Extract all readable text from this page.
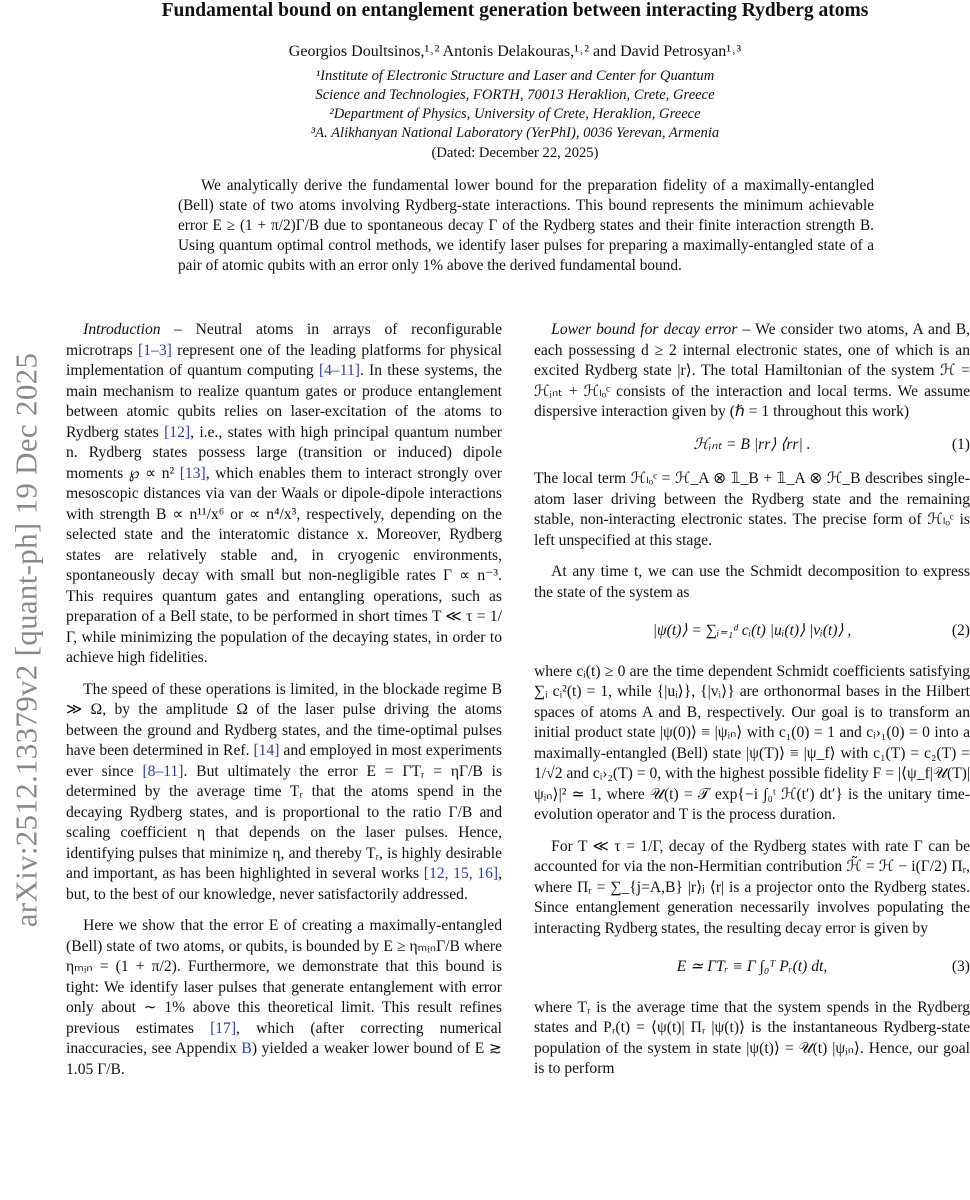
arXiv:2512.13379v2 [quant-ph] 19 Dec 2025
Fundamental bound on entanglement generation between interacting Rydberg atoms
Georgios Doultsinos,¹˒² Antonis Delakouras,¹˒² and David Petrosyan¹˒³
¹Institute of Electronic Structure and Laser and Center for Quantum
Science and Technologies, FORTH, 70013 Heraklion, Crete, Greece
²Department of Physics, University of Crete, Heraklion, Greece
³A. Alikhanyan National Laboratory (YerPhI), 0036 Yerevan, Armenia
(Dated: December 22, 2025)
We analytically derive the fundamental lower bound for the preparation fidelity of a maximally-entangled (Bell) state of two atoms involving Rydberg-state interactions. This bound represents the minimum achievable error E ≥ (1 + π/2)Γ/B due to spontaneous decay Γ of the Rydberg states and their finite interaction strength B. Using quantum optimal control methods, we identify laser pulses for preparing a maximally-entangled state of a pair of atomic qubits with an error only 1% above the derived fundamental bound.

Introduction – Neutral atoms in arrays of reconfigurable microtraps [1–3] represent one of the leading platforms for physical implementation of quantum computing [4–11]. In these systems, the main mechanism to realize quantum gates or produce entanglement between atomic qubits relies on laser-excitation of the atoms to Rydberg states [12], i.e., states with high principal quantum number n. Rydberg states possess large (transition or induced) dipole moments ℘ ∝ n² [13], which enables them to interact strongly over mesoscopic distances via van der Waals or dipole-dipole interactions with strength B ∝ n¹¹/x⁶ or ∝ n⁴/x³, respectively, depending on the selected state and the interatomic distance x. Moreover, Rydberg states are relatively stable and, in cryogenic environments, spontaneously decay with small but non-negligible rates Γ ∝ n⁻³. This requires quantum gates and entangling operations, such as preparation of a Bell state, to be performed in short times T ≪ τ = 1/Γ, while minimizing the population of the decaying states, in order to achieve high fidelities.

The speed of these operations is limited, in the blockade regime B ≫ Ω, by the amplitude Ω of the laser pulse driving the atoms between the ground and Rydberg states, and the time-optimal pulses have been determined in Ref. [14] and employed in most experiments ever since [8–11]. But ultimately the error E = ΓTᵣ = ηΓ/B is determined by the average time Tᵣ that the atoms spend in the decaying Rydberg states, and is proportional to the ratio Γ/B and scaling coefficient η that depends on the laser pulses. Hence, identifying pulses that minimize η, and thereby Tᵣ, is highly desirable and important, as has been highlighted in several works [12, 15, 16], but, to the best of our knowledge, never satisfactorily addressed.

Here we show that the error E of creating a maximally-entangled (Bell) state of two atoms, or qubits, is bounded by E ≥ ηₘᵢₙΓ/B where ηₘᵢₙ = (1 + π/2). Furthermore, we demonstrate that this bound is tight: We identify laser pulses that generate entanglement with error only about ∼ 1% above this theoretical limit. This result refines previous estimates [17], which (after correcting numerical inaccuracies, see Appendix B) yielded a weaker lower bound of E ≳ 1.05 Γ/B.

Lower bound for decay error – We consider two atoms, A and B, each possessing d ≥ 2 internal electronic states, one of which is an excited Rydberg state |r⟩. The total Hamiltonian of the system ℋ = ℋᵢₙₜ + ℋₗₒᶜ consists of the interaction and local terms. We assume dispersive interaction given by (ℏ = 1 throughout this work)

ℋᵢₙₜ = B |rr⟩ ⟨rr| .	(1)

The local term ℋₗₒᶜ = ℋ_A ⊗ 𝟙_B + 𝟙_A ⊗ ℋ_B describes single-atom laser driving between the Rydberg state and the remaining stable, non-interacting electronic states. The precise form of ℋₗₒᶜ is left unspecified at this stage.

At any time t, we can use the Schmidt decomposition to express the state of the system as

|ψ(t)⟩ = ∑ᵢ₌₁ᵈ cᵢ(t) |uᵢ(t)⟩ |vᵢ(t)⟩ ,	(2)

where cᵢ(t) ≥ 0 are the time dependent Schmidt coefficients satisfying ∑ᵢ cᵢ²(t) = 1, while {|uᵢ⟩}, {|vᵢ⟩} are orthonormal bases in the Hilbert spaces of atoms A and B, respectively. Our goal is to transform an initial product state |ψ(0)⟩ ≡ |ψᵢₙ⟩ with c₁(0) = 1 and cᵢ›₁(0) = 0 into a maximally-entangled (Bell) state |ψ(T)⟩ ≡ |ψ_f⟩ with c₁(T) = c₂(T) = 1/√2 and cᵢ›₂(T) = 0, with the highest possible fidelity F = |⟨ψ_f|𝒰(T)|ψᵢₙ⟩|² ≃ 1, where 𝒰(t) = 𝒯 exp{−i ∫₀ᵗ ℋ(t′) dt′} is the unitary time-evolution operator and T is the process duration.

For T ≪ τ = 1/Γ, decay of the Rydberg states with rate Γ can be accounted for via the non-Hermitian contribution ℋ̃ = ℋ − i(Γ/2) Πᵣ, where Πᵣ = ∑_{j=A,B} |r⟩ⱼ ⟨r| is a projector onto the Rydberg states. Since entanglement generation necessarily involves populating the interacting Rydberg states, the resulting decay error is given by

E ≃ ΓTᵣ ≡ Γ ∫₀ᵀ Pᵣ(t) dt,	(3)

where Tᵣ is the average time that the system spends in the Rydberg states and Pᵣ(t) = ⟨ψ(t)| Πᵣ |ψ(t)⟩ is the instantaneous Rydberg-state population of the system in state |ψ(t)⟩ = 𝒰(t) |ψᵢₙ⟩. Hence, our goal is to perform
